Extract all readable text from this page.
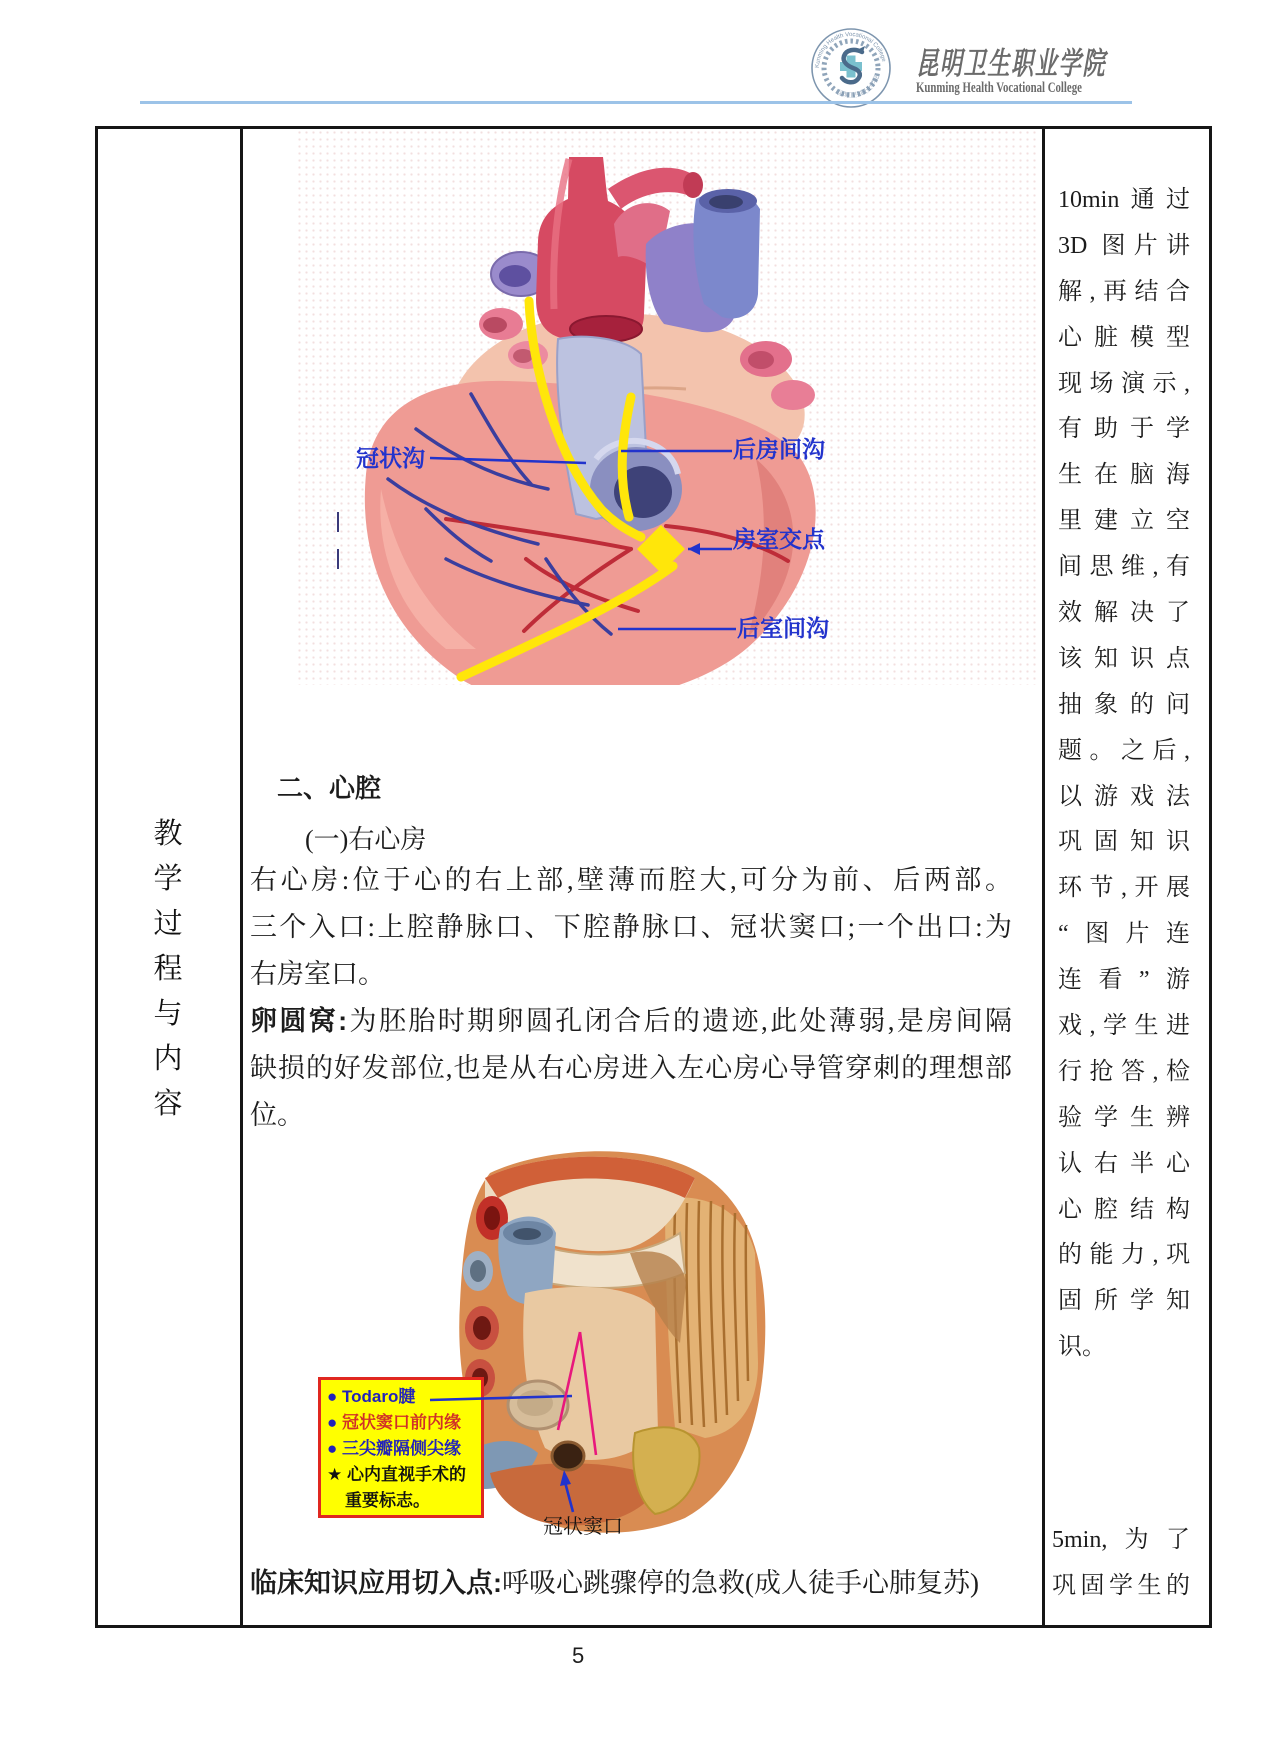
Kunming Health Vocational College
昆明卫生职业学院 昆明卫生职业学院
Kunming Health Vocational College
教
学
过
程
与
内
容
冠状沟	后房间沟
房室交点
后室间沟
二、心腔
(一)右心房
右心房:位于心的右上部,壁薄而腔大,可分为前、后两部。
三个入口:上腔静脉口、下腔静脉口、冠状窦口;一个出口:为
右房室口。
卵圆窝:为胚胎时期卵圆孔闭合后的遗迹,此处薄弱,是房间隔
缺损的好发部位,也是从右心房进入左心房心导管穿刺的理想部
位。
● Todaro腱
● 冠状窦口前内缘
● 三尖瓣隔侧尖缘
★ 心内直视手术的
重要标志。
冠状窦口
临床知识应用切入点:呼吸心跳骤停的急救(成人徒手心肺复苏)
10min通过
3D 图片讲
解,再结合
心脏模型
现场演示,
有助于学
生在脑海
里建立空
间思维,有
效解决了
该知识点
抽象的问
题。之后,
以游戏法
巩固知识
环节,开展
“图片连
连看”游
戏,学生进
行抢答,检
验学生辨
认右半心
心腔结构
的能力,巩
固所学知
识。
5min,为了
巩固学生的
5
